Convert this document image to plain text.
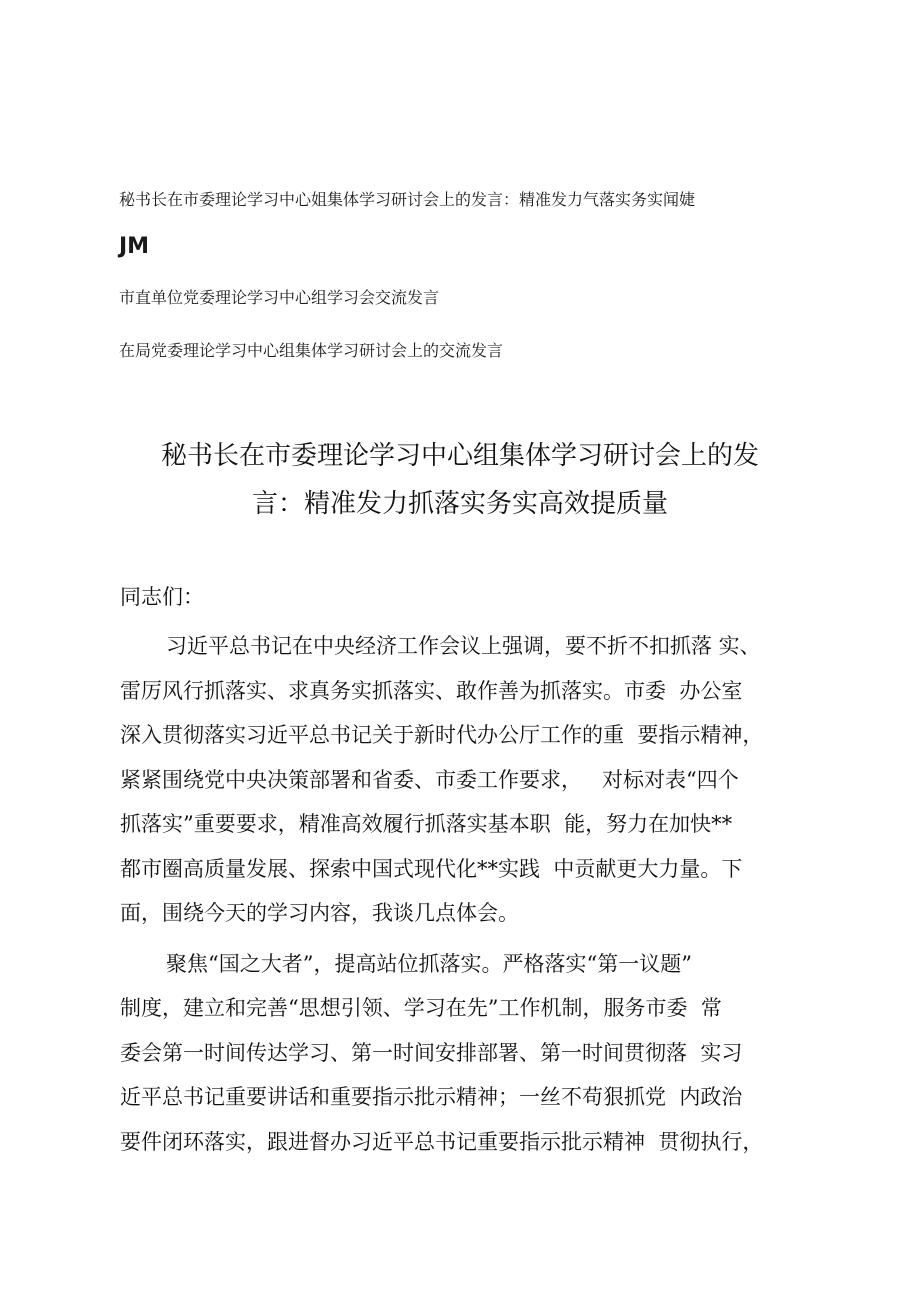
秘书长在市委理论学习中心姐集体学习研讨会上的发言：精准发力气落实务实闻婕
JM
市直单位党委理论学习中心组学习会交流发言
在局党委理论学习中心组集体学习研讨会上的交流发言
秘书长在市委理论学习中心组集体学习研讨会上的发
言：精准发力抓落实务实高效提质量
同志们：
习近平总书记在中央经济工作会议上强调，要不折不扣抓落 实、
雷厉风行抓落实、求真务实抓落实、敢作善为抓落实。市委  办公室
深入贯彻落实习近平总书记关于新时代办公厅工作的重  要指示精神，
紧紧围绕党中央决策部署和省委、市委工作要求，   对标对表“四个
抓落实”重要要求，精准高效履行抓落实基本职  能，努力在加快**
都市圈高质量发展、探索中国式现代化**实践  中贡献更大力量。下
面，围绕今天的学习内容，我谈几点体会。
聚焦“国之大者”，提高站位抓落实。严格落实“第一议题”
制度，建立和完善“思想引领、学习在先”工作机制，服务市委  常
委会第一时间传达学习、第一时间安排部署、第一时间贯彻落  实习
近平总书记重要讲话和重要指示批示精神；一丝不苟狠抓党  内政治
要件闭环落实，跟进督办习近平总书记重要指示批示精神  贯彻执行，
